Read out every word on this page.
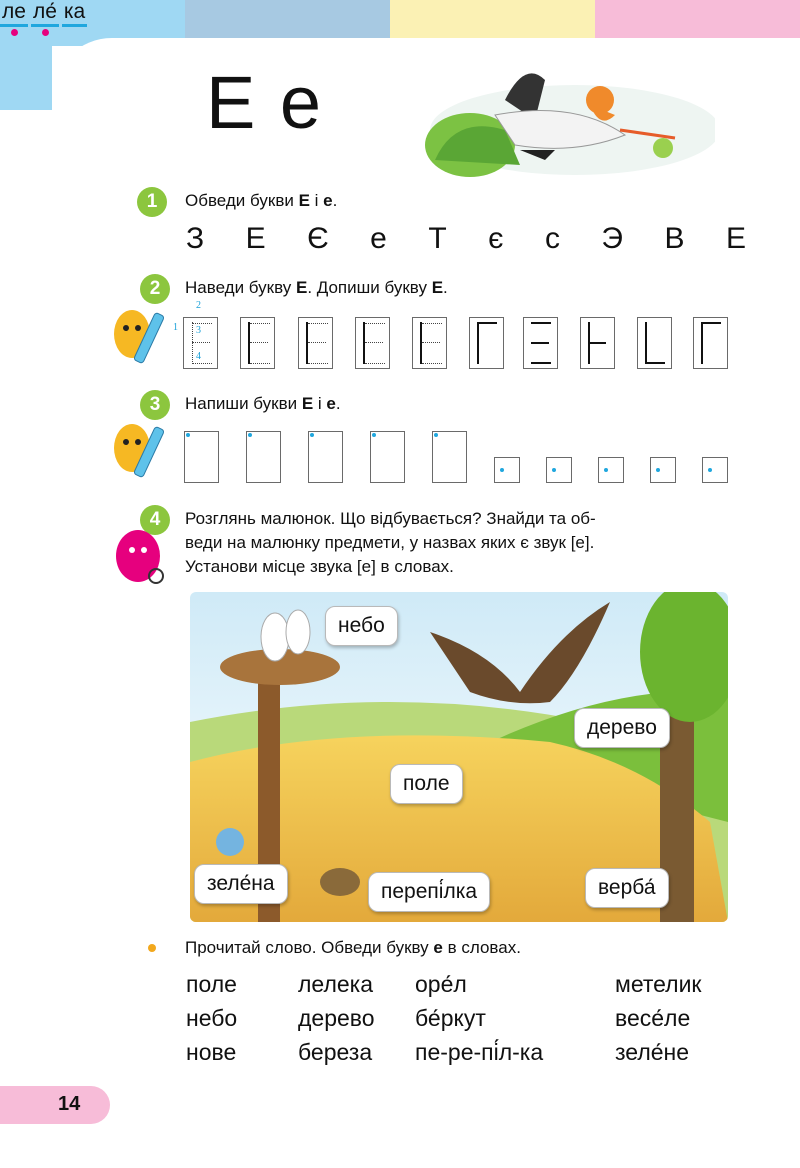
Е е
ле ле́ ка
1	Обведи букви Е і е.
З Е Є е Т є с Э В Е
2	Наведи букву Е. Допиши букву Е.
1
2
3
4
3	Напиши букви Е і е.
4	Розглянь малюнок. Що відбувається? Знайди та об-
веди на малюнку предмети, у назвах яких є звук [е].
Установи місце звука [е] в словах.
небо
дерево
поле
зеле́на	перепі́лка	верба́
Прочитай слово. Обведи букву е в словах.
поле	лелека	оре́л	метелик
небо	дерево	бе́ркут	весе́ле
нове	береза	пе-ре-пі́л-ка	зеле́не
14
